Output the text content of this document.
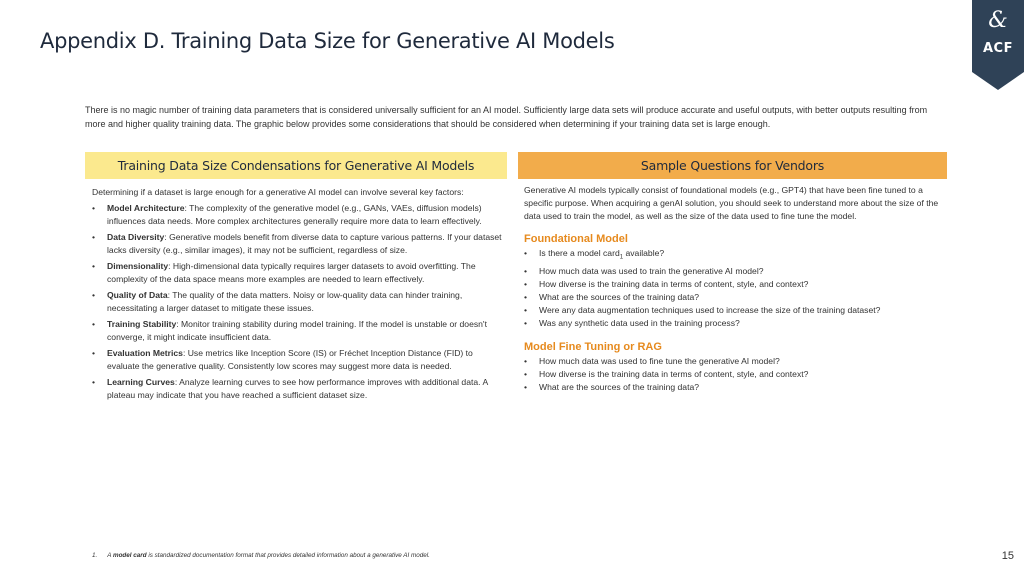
Appendix D. Training Data Size for Generative AI Models
&
ACF
There is no magic number of training data parameters that is considered universally sufficient for an AI model. Sufficiently large data sets will produce accurate and useful outputs, with better outputs resulting from more and higher quality training data. The graphic below provides some considerations that should be considered when determining if your training data set is large enough.
Training Data Size Condensations for Generative AI Models	Sample Questions for Vendors

Determining if a dataset is large enough for a generative AI model can involve several key factors:

•	Model Architecture: The complexity of the generative model (e.g., GANs, VAEs, diffusion models) influences data needs. More complex architectures generally require more data to learn effectively.
•	Data Diversity: Generative models benefit from diverse data to capture various patterns. If your dataset lacks diversity (e.g., similar images), it may not be sufficient, regardless of size.
•	Dimensionality: High-dimensional data typically requires larger datasets to avoid overfitting. The complexity of the data space means more examples are needed to learn effectively.
•	Quality of Data: The quality of the data matters. Noisy or low-quality data can hinder training, necessitating a larger dataset to mitigate these issues.
•	Training Stability: Monitor training stability during model training. If the model is unstable or doesn't converge, it might indicate insufficient data.
•	Evaluation Metrics: Use metrics like Inception Score (IS) or Fréchet Inception Distance (FID) to evaluate the generative quality. Consistently low scores may suggest more data is needed.
•	Learning Curves: Analyze learning curves to see how performance improves with additional data. A plateau may indicate that you have reached a sufficient dataset size.

Generative AI models typically consist of foundational models (e.g., GPT4) that have been fine tuned to a specific purpose. When acquiring a genAI solution, you should seek to understand more about the size of the data used to train the model, as well as the size of the data used to fine tune the model.

Foundational Model
•	Is there a model card$_1$ available?
•	How much data was used to train the generative AI model?
•	How diverse is the training data in terms of content, style, and context?
•	What are the sources of the training data?
•	Were any data augmentation techniques used to increase the size of the training dataset?
•	Was any synthetic data used in the training process?
Model Fine Tuning or RAG
•	How much data was used to fine tune the generative AI model?
•	How diverse is the training data in terms of content, style, and context?
•	What are the sources of the training data?
1. A model card is standardized documentation format that provides detailed information about a generative AI model.	15
